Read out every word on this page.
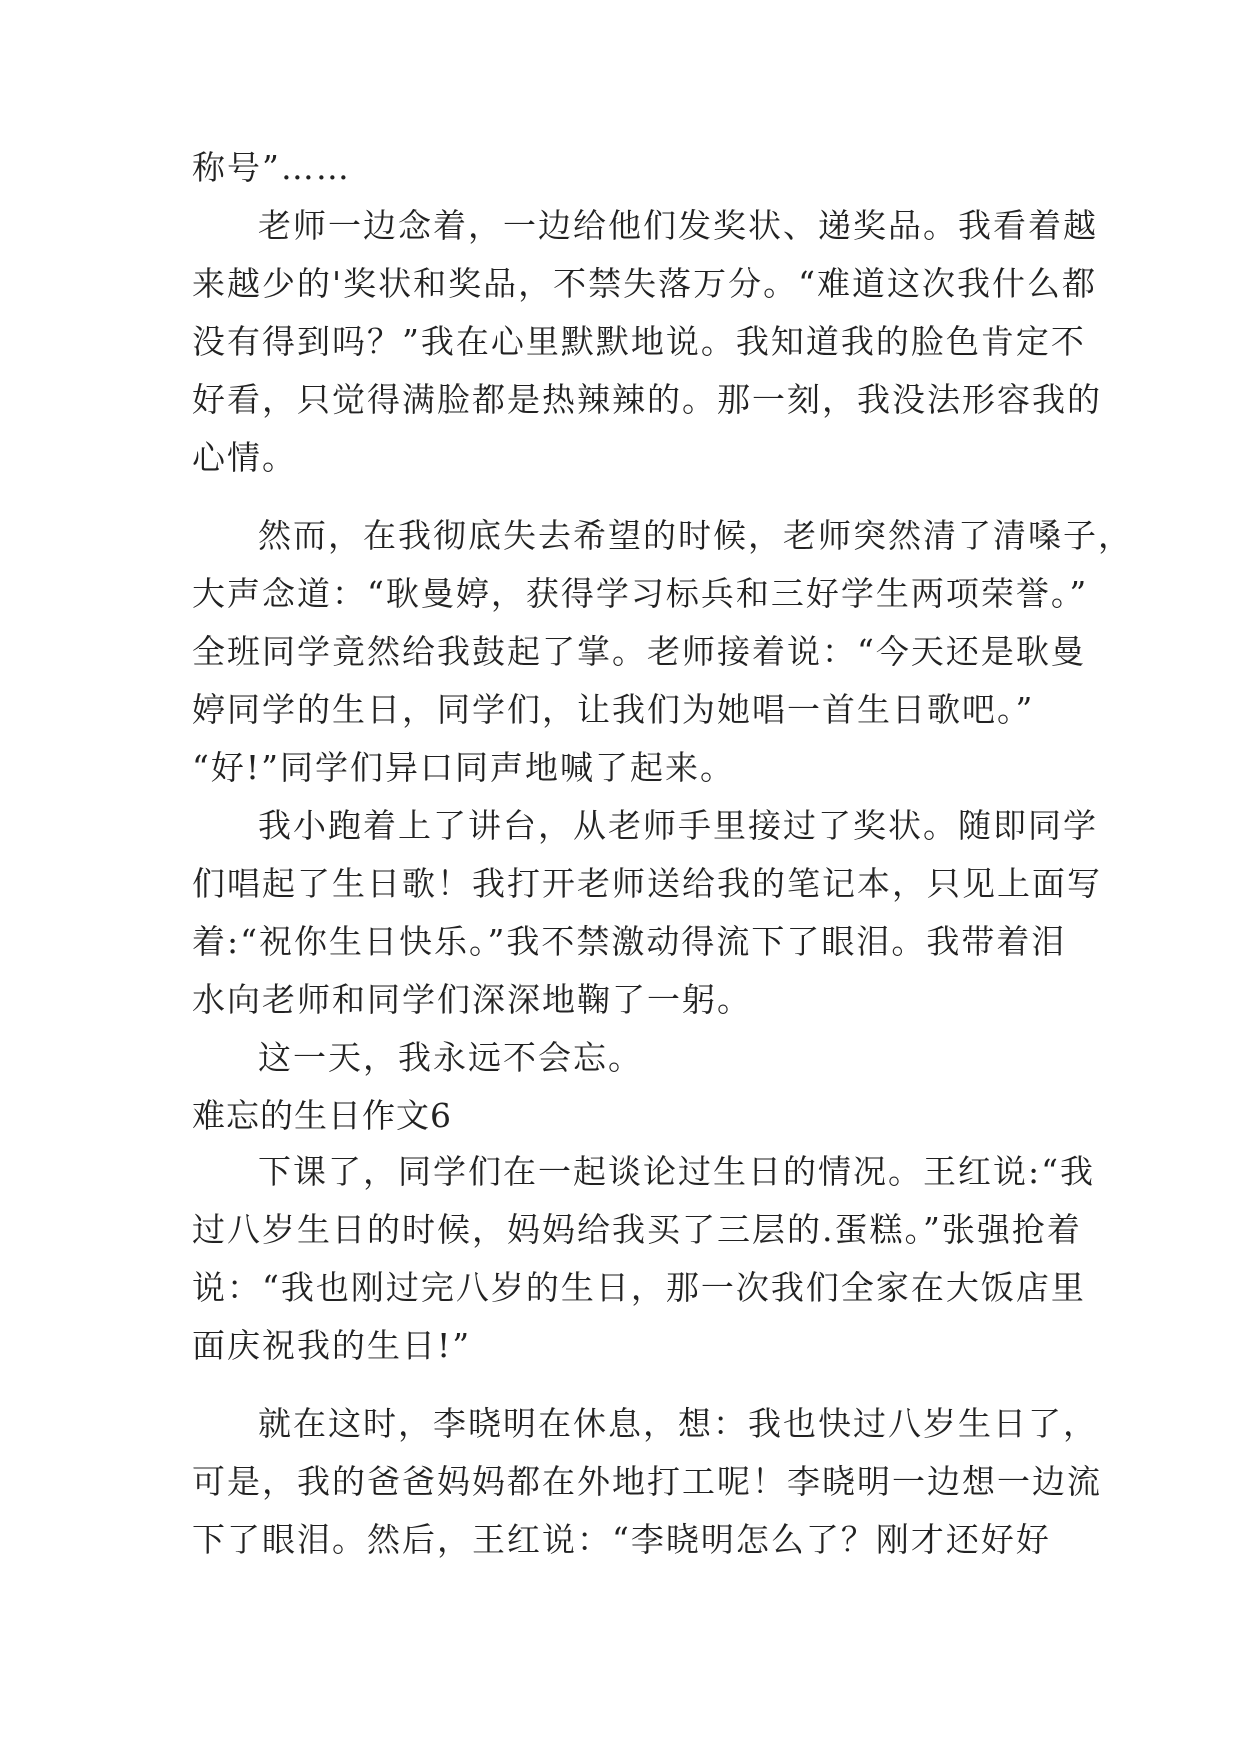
称号”……
老师一边念着，一边给他们发奖状、递奖品。我看着越
来越少的'奖状和奖品，不禁失落万分。“难道这次我什么都
没有得到吗？”我在心里默默地说。我知道我的脸色肯定不
好看，只觉得满脸都是热辣辣的。那一刻，我没法形容我的
心情。
然而，在我彻底失去希望的时候，老师突然清了清嗓子，
大声念道：“耿曼婷，获得学习标兵和三好学生两项荣誉。”
全班同学竟然给我鼓起了掌。老师接着说：“今天还是耿曼
婷同学的生日，同学们，让我们为她唱一首生日歌吧。”
“好!”同学们异口同声地喊了起来。
我小跑着上了讲台，从老师手里接过了奖状。随即同学
们唱起了生日歌！我打开老师送给我的笔记本，只见上面写
着:“祝你生日快乐。”我不禁激动得流下了眼泪。我带着泪
水向老师和同学们深深地鞠了一躬。
这一天，我永远不会忘。
难忘的生日作文6
下课了，同学们在一起谈论过生日的情况。王红说:“我
过八岁生日的时候，妈妈给我买了三层的.蛋糕。”张强抢着
说：“我也刚过完八岁的生日，那一次我们全家在大饭店里
面庆祝我的生日!”
就在这时，李晓明在休息，想：我也快过八岁生日了，
可是，我的爸爸妈妈都在外地打工呢！李晓明一边想一边流
下了眼泪。然后，王红说：“李晓明怎么了？刚才还好好
